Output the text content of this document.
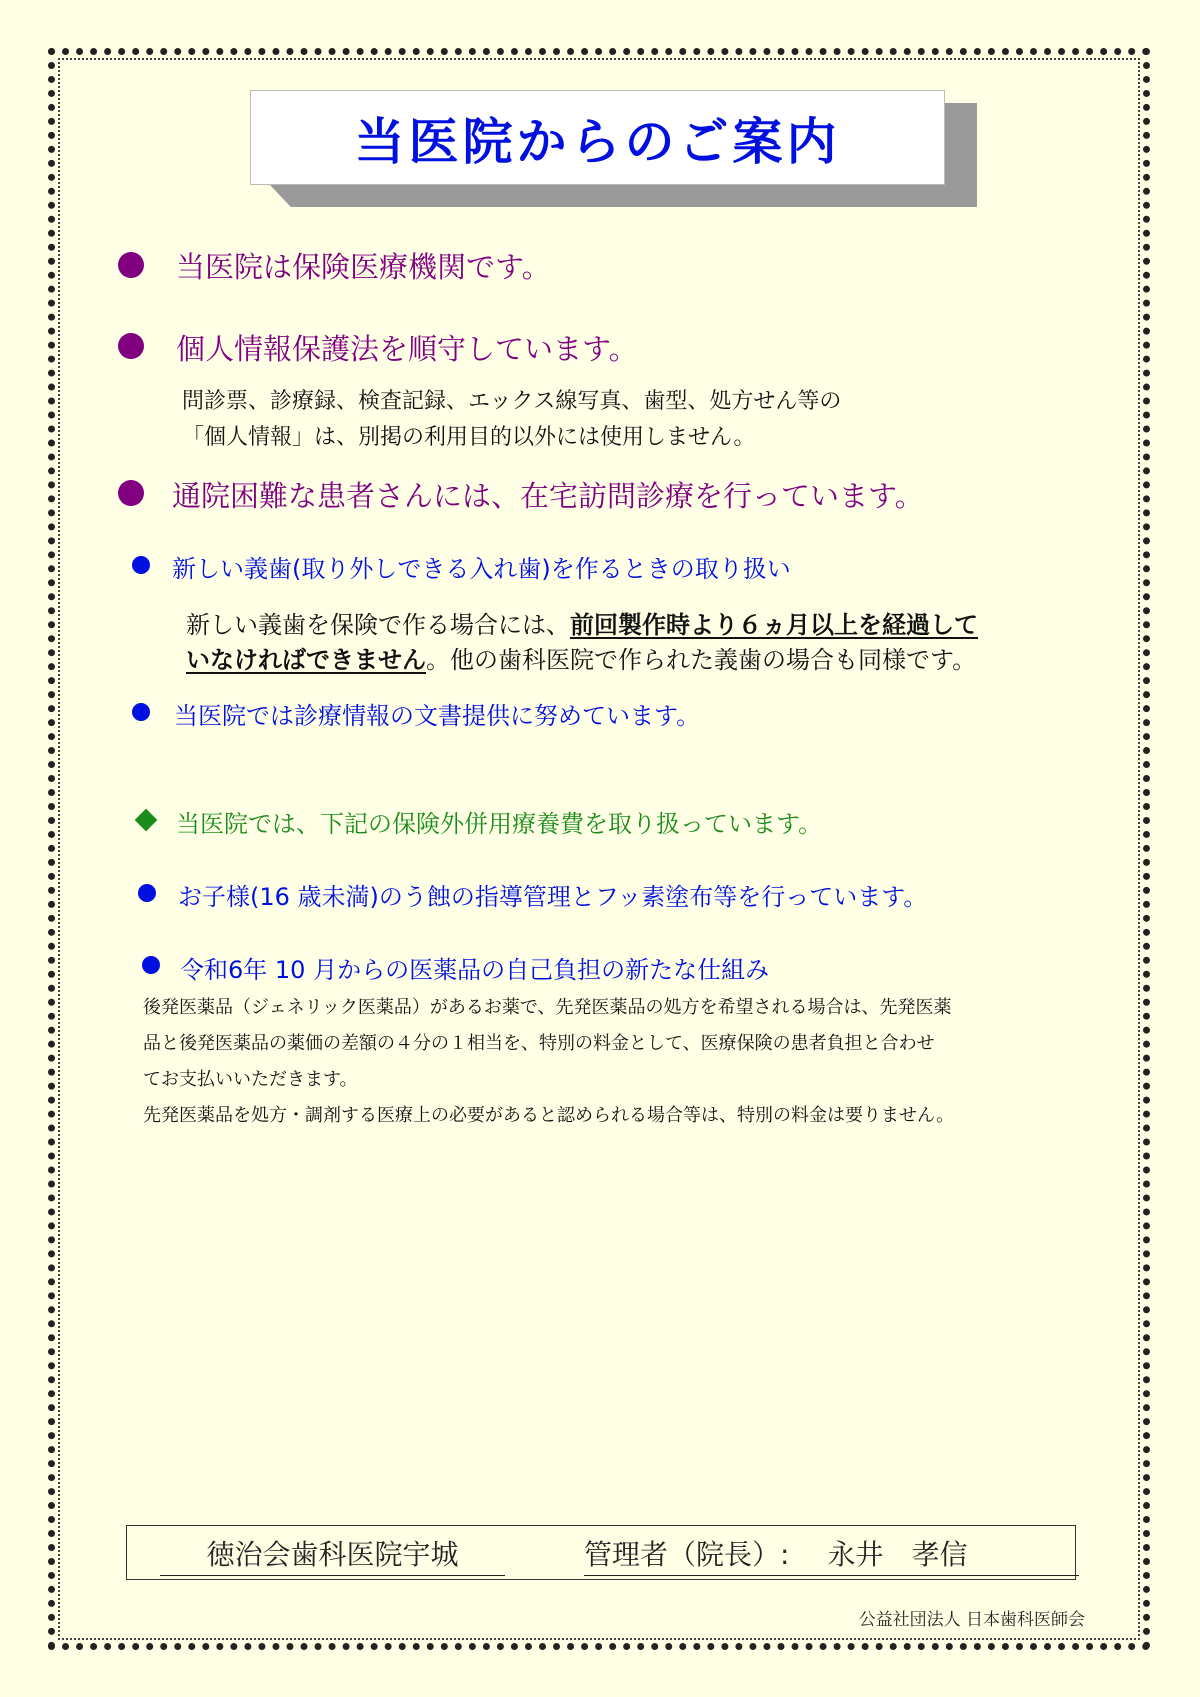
当医院からのご案内
当医院は保険医療機関です。
個人情報保護法を順守しています。
問診票、診療録、検査記録、エックス線写真、歯型、処方せん等の
「個人情報」は、別掲の利用目的以外には使用しません。
通院困難な患者さんには、在宅訪問診療を行っています。
新しい義歯(取り外しできる入れ歯)を作るときの取り扱い
新しい義歯を保険で作る場合には、前回製作時より６ヵ月以上を経過して
いなければできません。他の歯科医院で作られた義歯の場合も同様です。
当医院では診療情報の文書提供に努めています。
当医院では、下記の保険外併用療養費を取り扱っています。
お子様(16 歳未満)のう蝕の指導管理とフッ素塗布等を行っています。
令和6年 10 月からの医薬品の自己負担の新たな仕組み
後発医薬品（ジェネリック医薬品）があるお薬で、先発医薬品の処方を希望される場合は、先発医薬
品と後発医薬品の薬価の差額の４分の１相当を、特別の料金として、医療保険の患者負担と合わせ
てお支払いいただきます。
先発医薬品を処方・調剤する医療上の必要があると認められる場合等は、特別の料金は要りません。
徳治会歯科医院宇城	管理者（院長）: 永井　孝信
公益社団法人 日本歯科医師会
